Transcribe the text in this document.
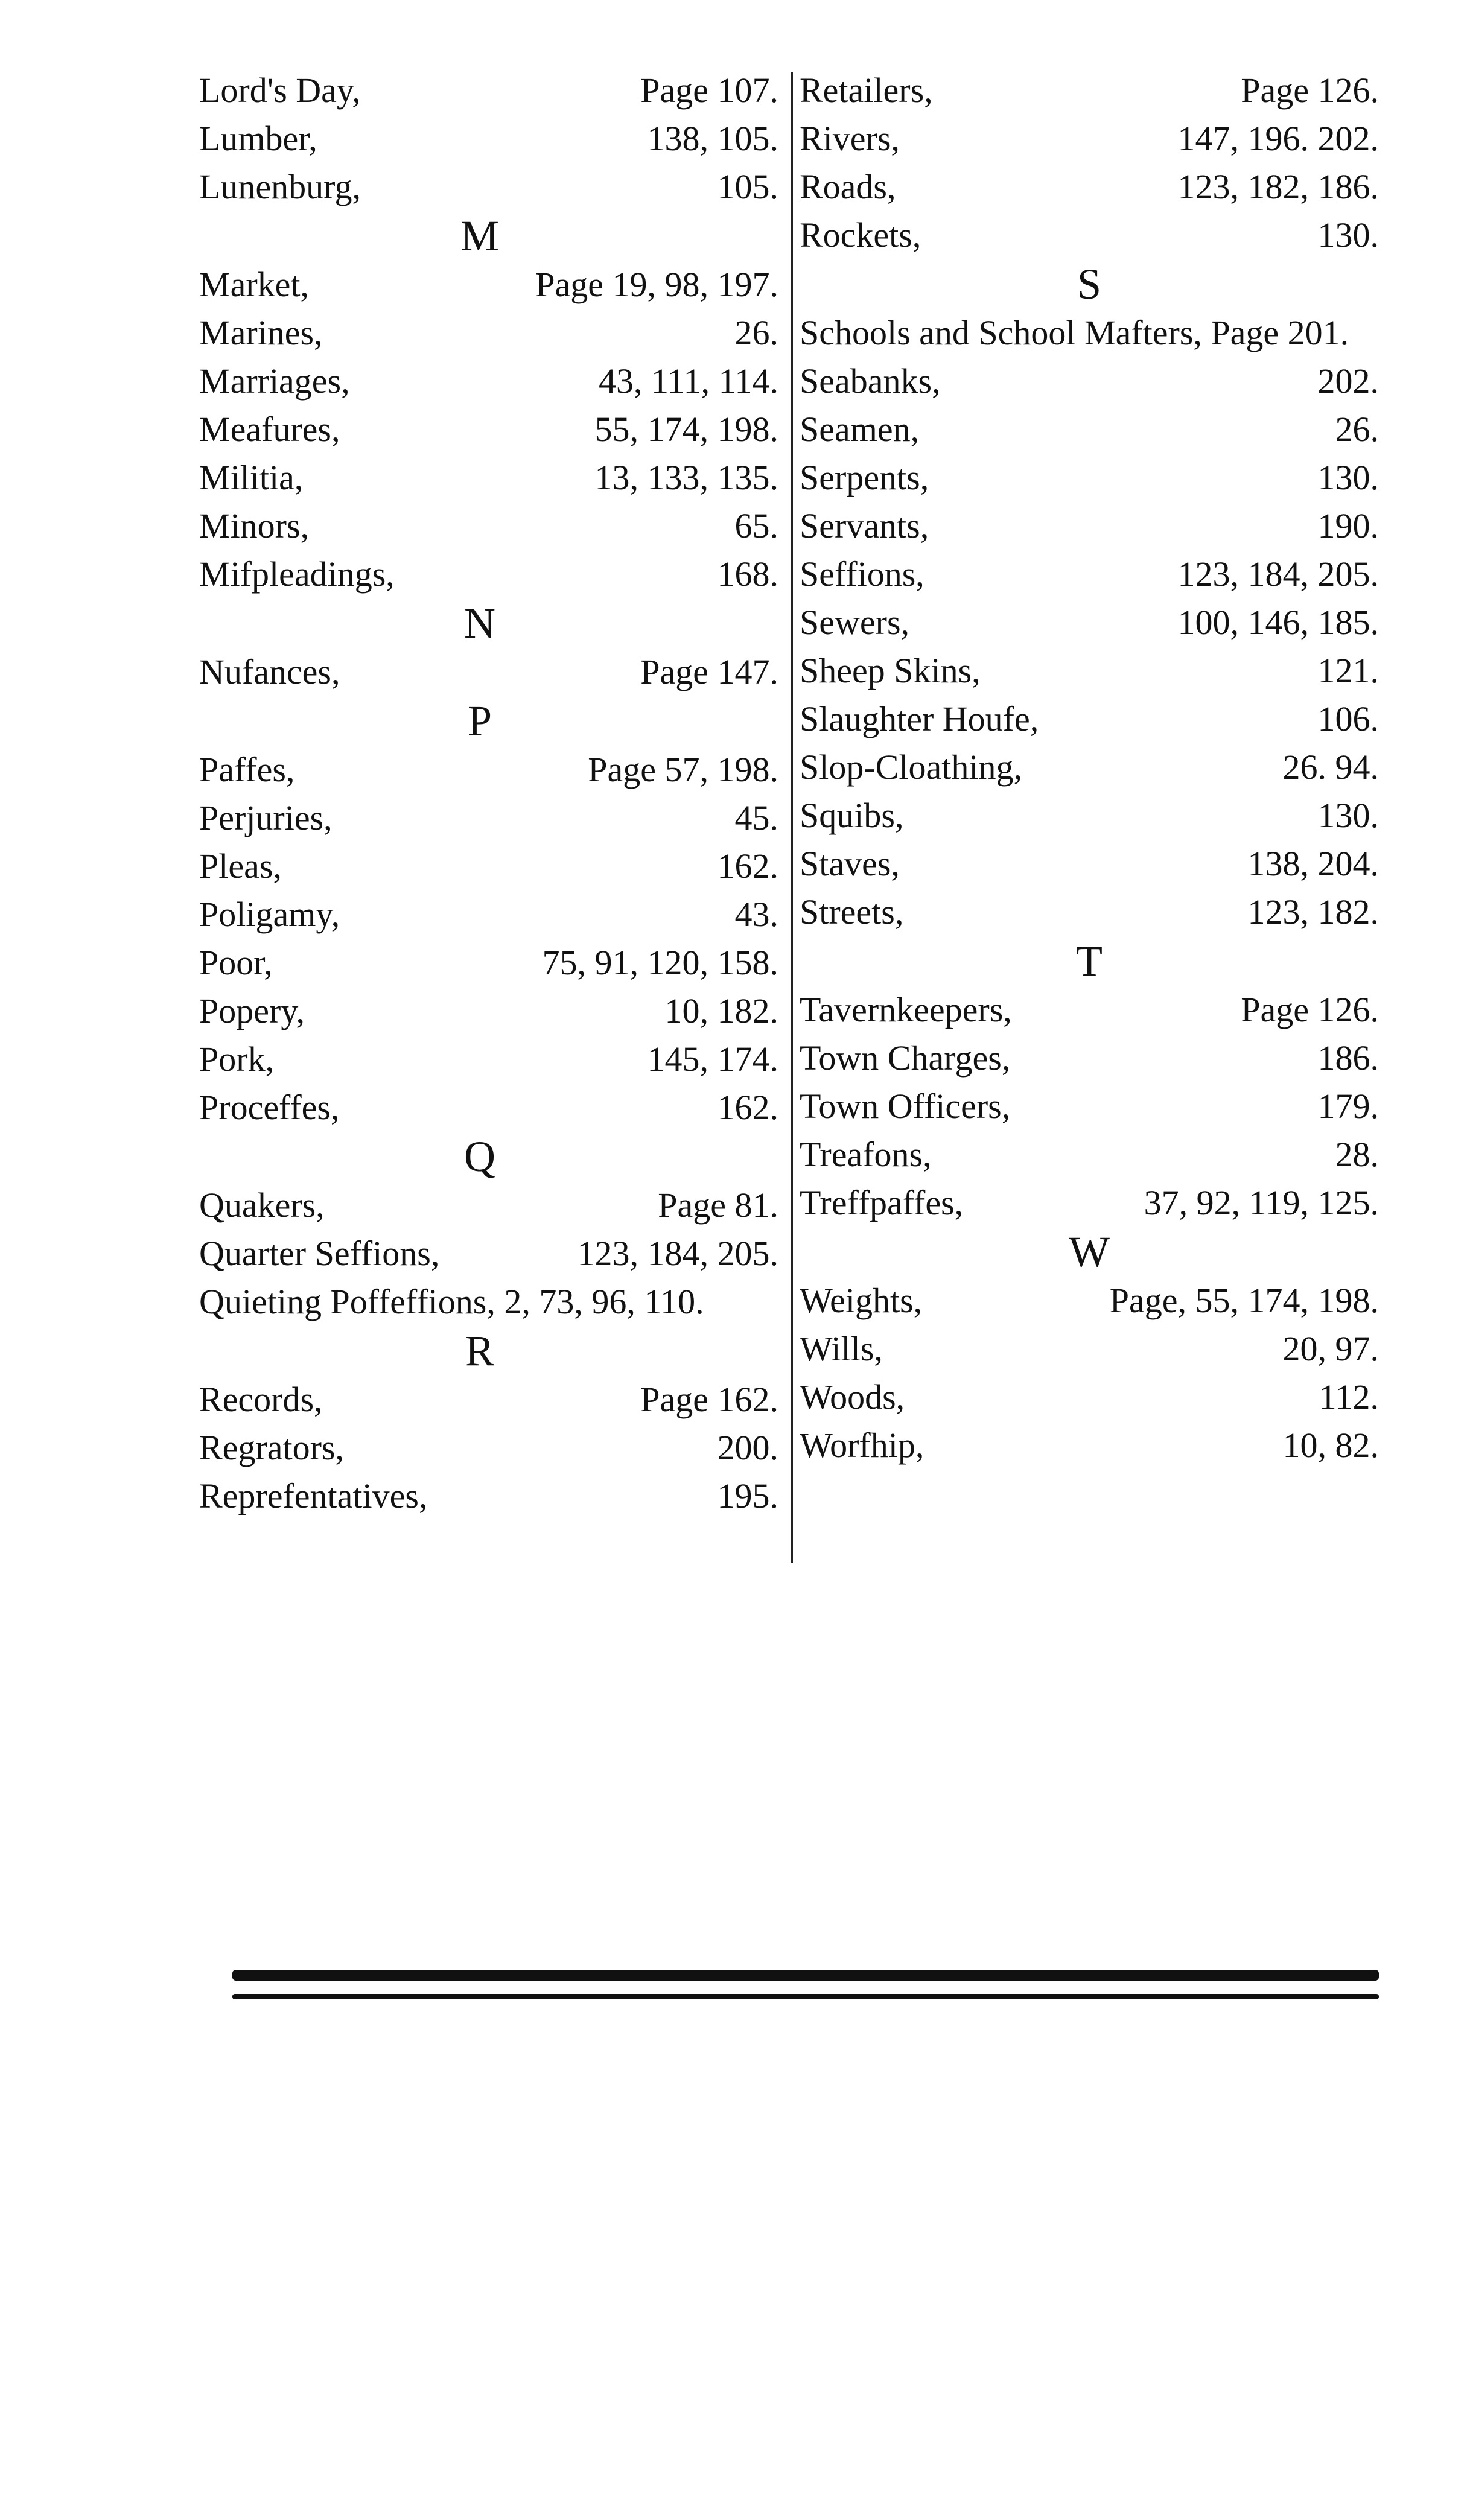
Lord's Day,	Page 107.
Lumber,	138, 105.
Lunenburg,	105.
M
Market,	Page 19, 98, 197.
Marines,	26.
Marriages,	43, 111, 114.
Meafures,	55, 174, 198.
Militia,	13, 133, 135.
Minors,	65.
Mifpleadings,	168.
N
Nufances,	Page 147.
P
Paffes,	Page 57, 198.
Perjuries,	45.
Pleas,	162.
Poligamy,	43.
Poor,	75, 91, 120, 158.
Popery,	10, 182.
Pork,	145, 174.
Proceffes,	162.
Q
Quakers,	Page 81.
Quarter Seffions,	123, 184, 205.
Quieting Poffeffions, 2, 73, 96, 110.
R
Records,	Page 162.
Regrators,	200.
Reprefentatives,	195.
Retailers,	Page 126.
Rivers,	147, 196. 202.
Roads,	123, 182, 186.
Rockets,	130.
S
Schools and School Mafters, Page 201.
Seabanks,	202.
Seamen,	26.
Serpents,	130.
Servants,	190.
Seffions,	123, 184, 205.
Sewers,	100, 146, 185.
Sheep Skins,	121.
Slaughter Houfe,	106.
Slop-Cloathing,	26. 94.
Squibs,	130.
Staves,	138, 204.
Streets,	123, 182.
T
Tavernkeepers,	Page 126.
Town Charges,	186.
Town Officers,	179.
Treafons,	28.
Treffpaffes,	37, 92, 119, 125.
W
Weights,	Page, 55, 174, 198.
Wills,	20, 97.
Woods,	112.
Worfhip,	10, 82.
